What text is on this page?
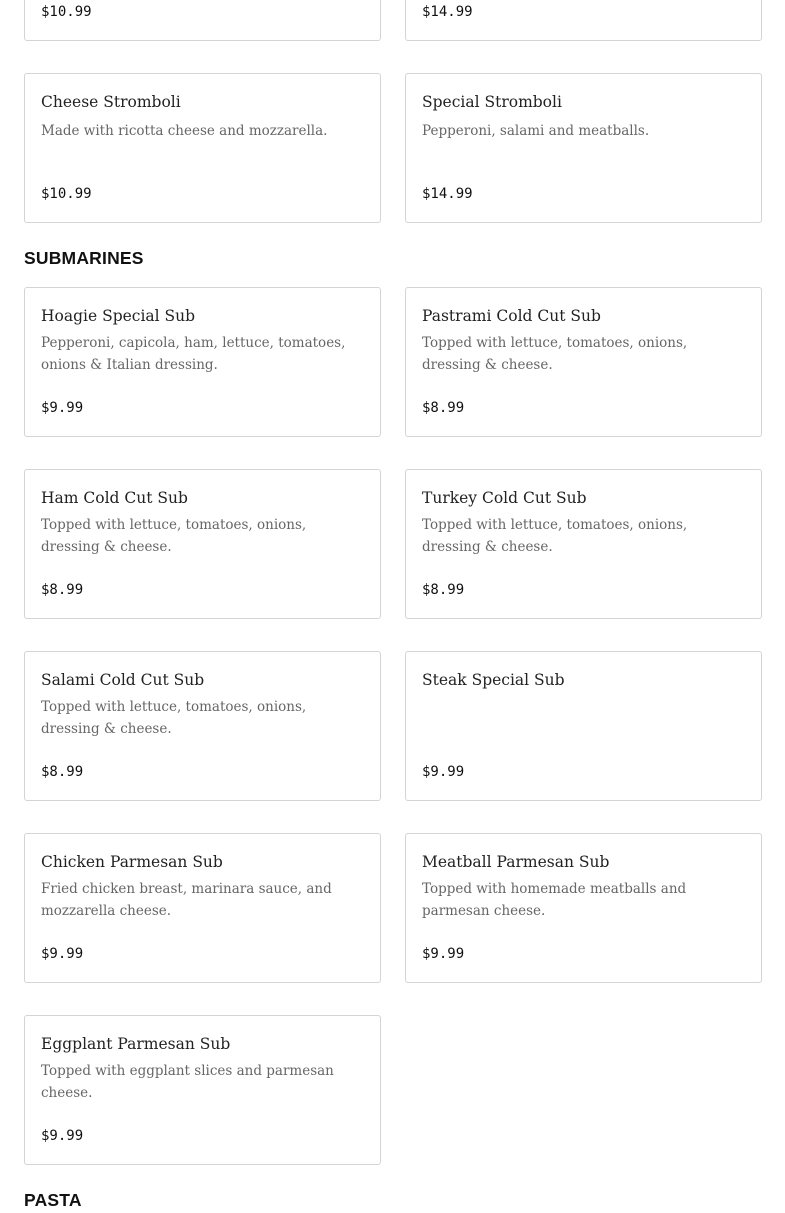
$10.99	$14.99
Cheese Stromboli
Made with ricotta cheese and mozzarella.
$10.99
Special Stromboli
Pepperoni, salami and meatballs.
$14.99
SUBMARINES
Hoagie Special Sub
Pepperoni, capicola, ham, lettuce, tomatoes, onions & Italian dressing.
$9.99
Pastrami Cold Cut Sub
Topped with lettuce, tomatoes, onions, dressing & cheese.
$8.99
Ham Cold Cut Sub
Topped with lettuce, tomatoes, onions, dressing & cheese.
$8.99
Turkey Cold Cut Sub
Topped with lettuce, tomatoes, onions, dressing & cheese.
$8.99
Salami Cold Cut Sub
Topped with lettuce, tomatoes, onions, dressing & cheese.
$8.99
Steak Special Sub
$9.99
Chicken Parmesan Sub
Fried chicken breast, marinara sauce, and mozzarella cheese.
$9.99
Meatball Parmesan Sub
Topped with homemade meatballs and parmesan cheese.
$9.99
Eggplant Parmesan Sub
Topped with eggplant slices and parmesan cheese.
$9.99
PASTA
